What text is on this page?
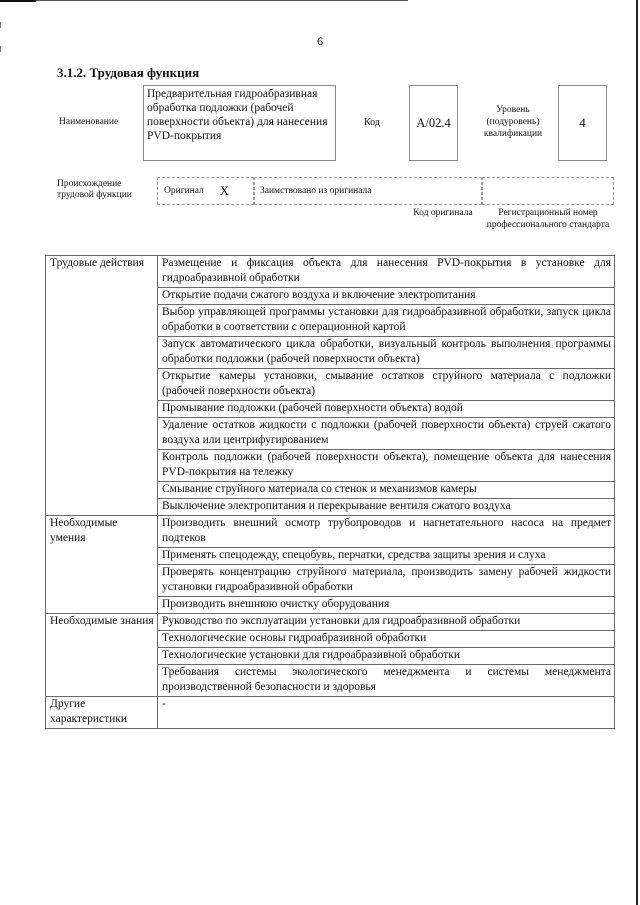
6
3.1.2. Трудовая функция
Наименование
Предварительная гидроабразивная обработка подложки (рабочей поверхности объекта) для нанесения PVD-покрытия
Код	A/02.4
Уровень (подуровень) квалификации
4
Происхождение трудовой функции	Оригинал X	Заимствовано из оригинала
Код оригинала	Регистрационный номер профессионального стандарта
Трудовые действия	Размещение и фиксация объекта для нанесения PVD-покрытия в установке для гидроабразивной обработки
	Открытие подачи сжатого воздуха и включение электропитания
	Выбор управляющей программы установки для гидроабразивной обработки, запуск цикла обработки в соответствии с операционной картой
	Запуск автоматического цикла обработки, визуальный контроль выполнения программы обработки подложки (рабочей поверхности объекта)
	Открытие камеры установки, смывание остатков струйного материала с подложки (рабочей поверхности объекта)
	Промывание подложки (рабочей поверхности объекта) водой
	Удаление остатков жидкости с подложки (рабочей поверхности объекта) струей сжатого воздуха или центрифугированием
	Контроль подложки (рабочей поверхности объекта), помещение объекта для нанесения PVD-покрытия на тележку
	Смывание струйного материала со стенок и механизмов камеры
	Выключение электропитания и перекрывание вентиля сжатого воздуха
Необходимые умения	Производить внешний осмотр трубопроводов и нагнетательного насоса на предмет подтеков
	Применять спецодежду, спецобувь, перчатки, средства защиты зрения и слуха
	Проверять концентрацию струйного материала, производить замену рабочей жидкости установки гидроабразивной обработки
	Производить внешнюю очистку оборудования
Необходимые знания	Руководство по эксплуатации установки для гидроабразивной обработки
	Технологические основы гидроабразивной обработки
	Технологические установки для гидроабразивной обработки
	Требования системы экологического менеджмента и системы менеджмента производственной безопасности и здоровья
Другие характеристики	-
